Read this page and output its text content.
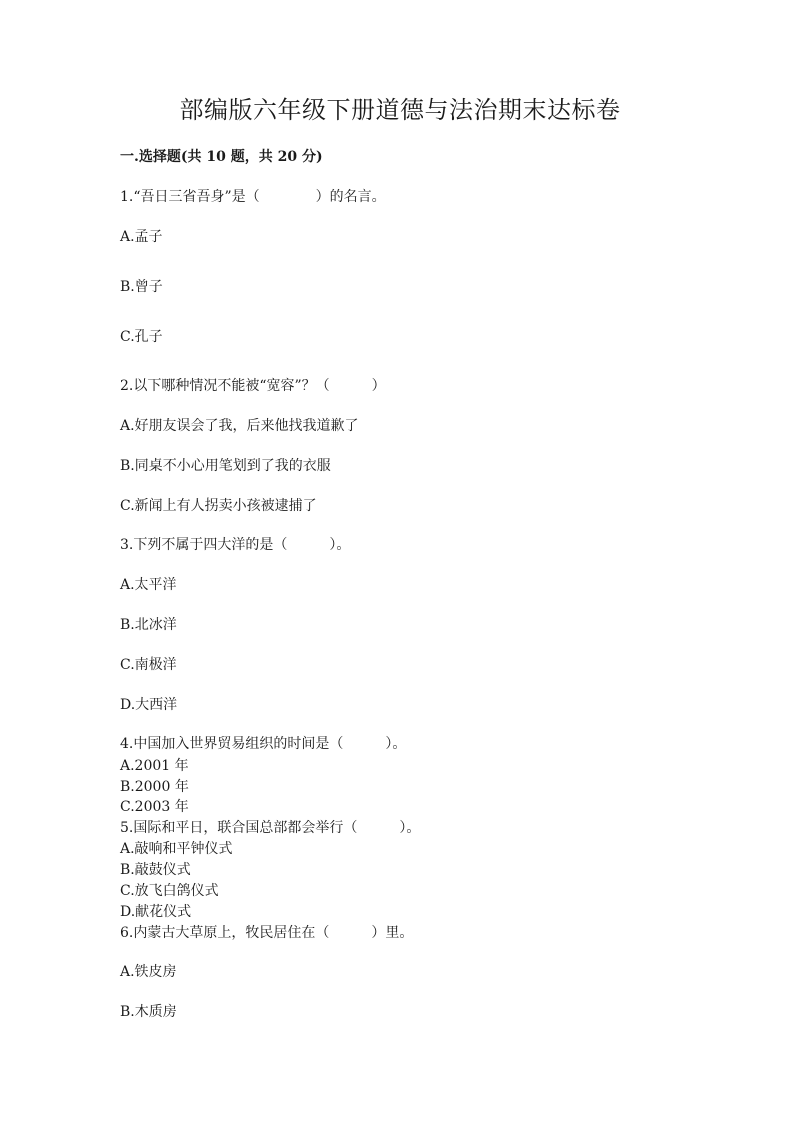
部编版六年级下册道德与法治期末达标卷
一.选择题(共 10 题，共 20 分)
1.“吾日三省吾身”是（　　　　）的名言。
A.孟子
B.曾子
C.孔子
2.以下哪种情况不能被“宽容”？（　　　）
A.好朋友误会了我，后来他找我道歉了
B.同桌不小心用笔划到了我的衣服
C.新闻上有人拐卖小孩被逮捕了
3.下列不属于四大洋的是（　　　）。
A.太平洋
B.北冰洋
C.南极洋
D.大西洋
4.中国加入世界贸易组织的时间是（　　　）。
A.2001 年
B.2000 年
C.2003 年
5.国际和平日，联合国总部都会举行（　　　）。
A.敲响和平钟仪式
B.敲鼓仪式
C.放飞白鸽仪式
D.献花仪式
6.内蒙古大草原上，牧民居住在（　　　）里。
A.铁皮房
B.木质房
